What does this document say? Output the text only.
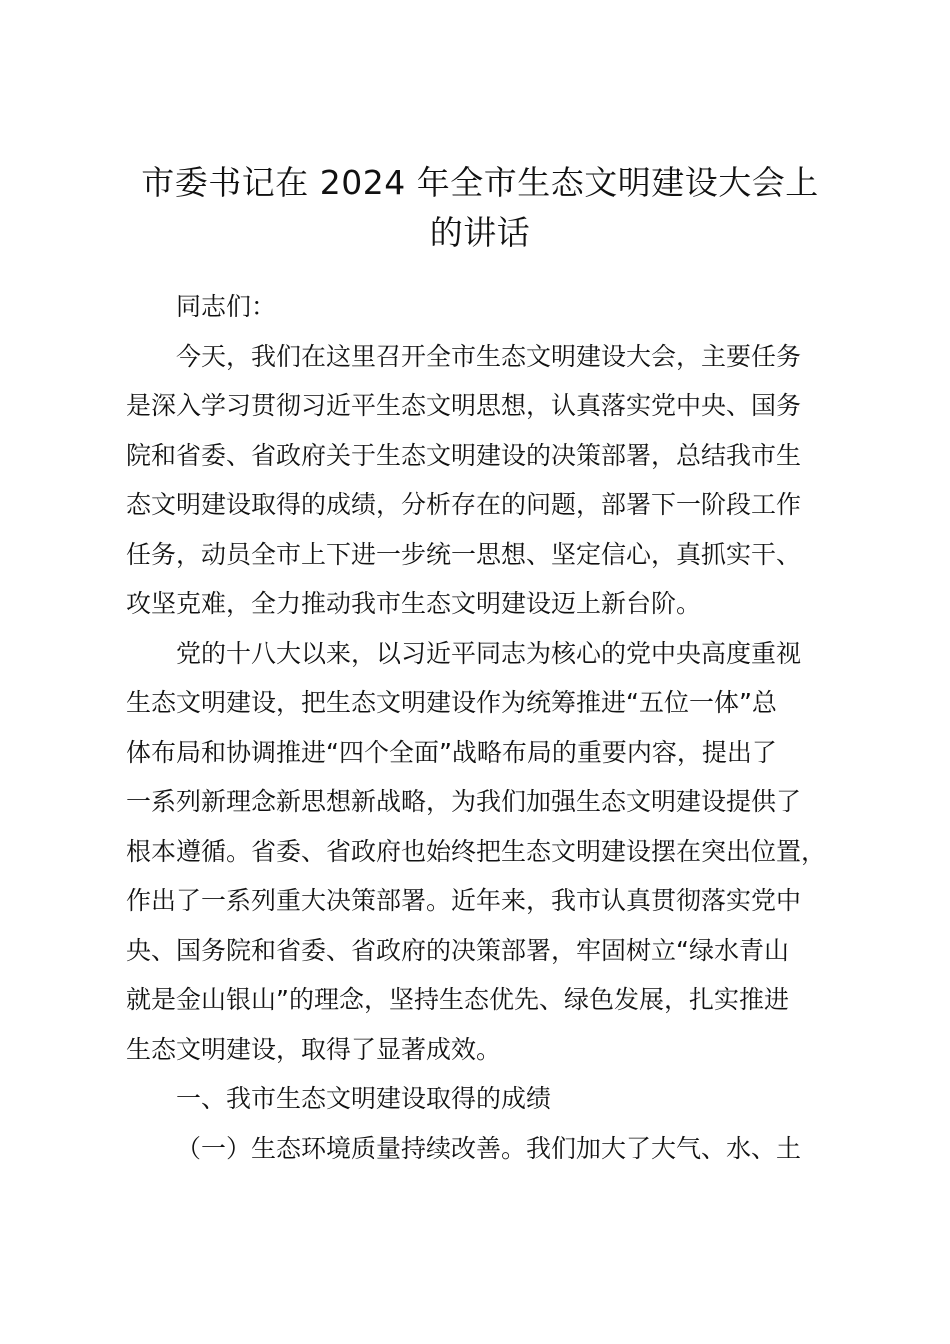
市委书记在 2024 年全市生态文明建设大会上
的讲话
同志们：
今天，我们在这里召开全市生态文明建设大会，主要任务
是深入学习贯彻习近平生态文明思想，认真落实党中央、国务
院和省委、省政府关于生态文明建设的决策部署，总结我市生
态文明建设取得的成绩，分析存在的问题，部署下一阶段工作
任务，动员全市上下进一步统一思想、坚定信心，真抓实干、
攻坚克难，全力推动我市生态文明建设迈上新台阶。
党的十八大以来，以习近平同志为核心的党中央高度重视
生态文明建设，把生态文明建设作为统筹推进“五位一体”总
体布局和协调推进“四个全面”战略布局的重要内容，提出了
一系列新理念新思想新战略，为我们加强生态文明建设提供了
根本遵循。省委、省政府也始终把生态文明建设摆在突出位置，
作出了一系列重大决策部署。近年来，我市认真贯彻落实党中
央、国务院和省委、省政府的决策部署，牢固树立“绿水青山
就是金山银山”的理念，坚持生态优先、绿色发展，扎实推进
生态文明建设，取得了显著成效。
一、我市生态文明建设取得的成绩
（一）生态环境质量持续改善。我们加大了大气、水、土
